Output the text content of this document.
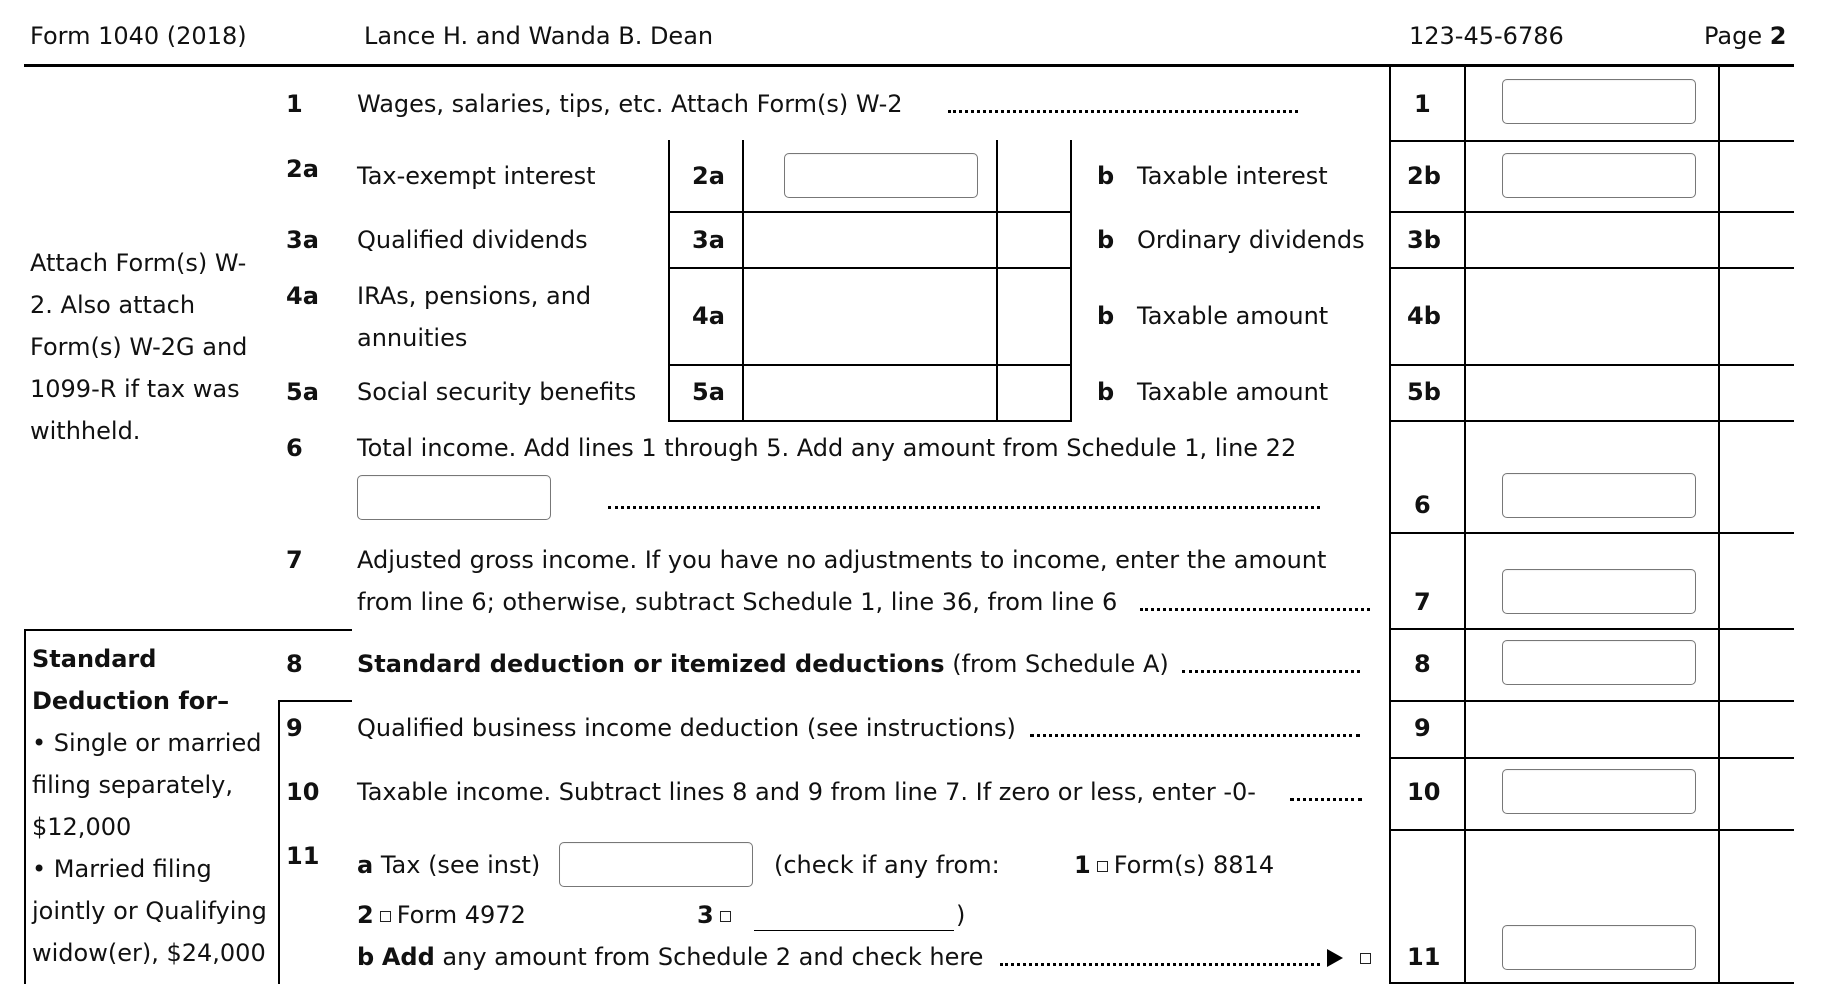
Form 1040 (2018)	Lance H. and Wanda B. Dean	123-45-6786	Page 2
Attach Form(s) W-
2. Also attach
Form(s) W-2G and
1099-R if tax was
withheld.
Standard
Deduction for–
• Single or married
filing separately,
$12,000
• Married filing
jointly or Qualifying
widow(er), $24,000
1 Wages, salaries, tips, etc. Attach Form(s) W-2	1
2a Tax-exempt interest	2a	b Taxable interest	2b
3a Qualified dividends	3a	b Ordinary dividends 3b
4a IRAs, pensions, and
annuities
4a	b Taxable amount	4b
5a Social security benefits 5a	b Taxable amount	5b
6 Total income. Add lines 1 through 5. Add any amount from Schedule 1, line 22
6
7 Adjusted gross income. If you have no adjustments to income, enter the amount
from line 6; otherwise, subtract Schedule 1, line 36, from line 6	7
8 Standard deduction or itemized deductions (from Schedule A)	8
9 Qualified business income deduction (see instructions)	9
10 Taxable income. Subtract lines 8 and 9 from line 7. If zero or less, enter -0-	10
11 a Tax (see inst)	(check if any from:	1 Form(s) 8814
2 Form 4972	3	)
b Add any amount from Schedule 2 and check here	11
